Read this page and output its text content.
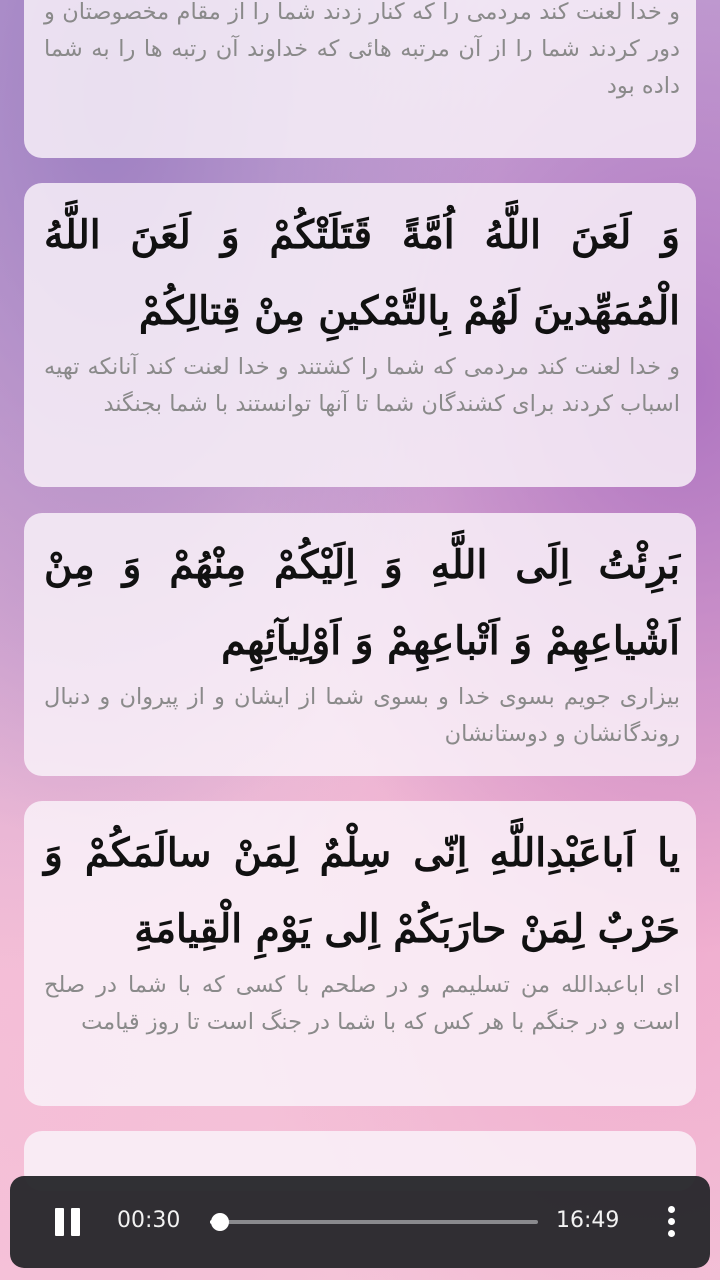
و خدا لعنت کند مردمی را که کنار زدند شما را از مقام مخصوصتان و دور کردند شما را از آن مرتبه هائی که خداوند آن رتبه ها را به شما داده بود
وَ لَعَنَ اللَّهُ اُمَّةً قَتَلَتْكُمْ وَ لَعَنَ اللَّهُ الْمُمَهِّدينَ لَهُمْ بِالتَّمْكينِ مِنْ قِتالِكُمْ
و خدا لعنت کند مردمی که شما را کشتند و خدا لعنت کند آنانکه تهیه اسباب کردند برای کشندگان شما تا آنها توانستند با شما بجنگند
بَرِئْتُ اِلَى اللَّهِ وَ اِلَيْكُمْ مِنْهُمْ وَ مِنْ اَشْياعِهِمْ وَ اَتْباعِهِمْ وَ اَوْلِيآئِهِم
بیزاری جویم بسوی خدا و بسوی شما از ایشان و از پیروان و دنبال روندگانشان و دوستانشان
يا اَباعَبْدِاللَّهِ اِنّى سِلْمٌ لِمَنْ سالَمَكُمْ وَ حَرْبٌ لِمَنْ حارَبَكُمْ اِلى يَوْمِ الْقِيامَةِ
ای اباعبدالله من تسلیمم و در صلحم با کسی که با شما در صلح است و در جنگم با هر کس که با شما در جنگ است تا روز قیامت
00:30	16:49
